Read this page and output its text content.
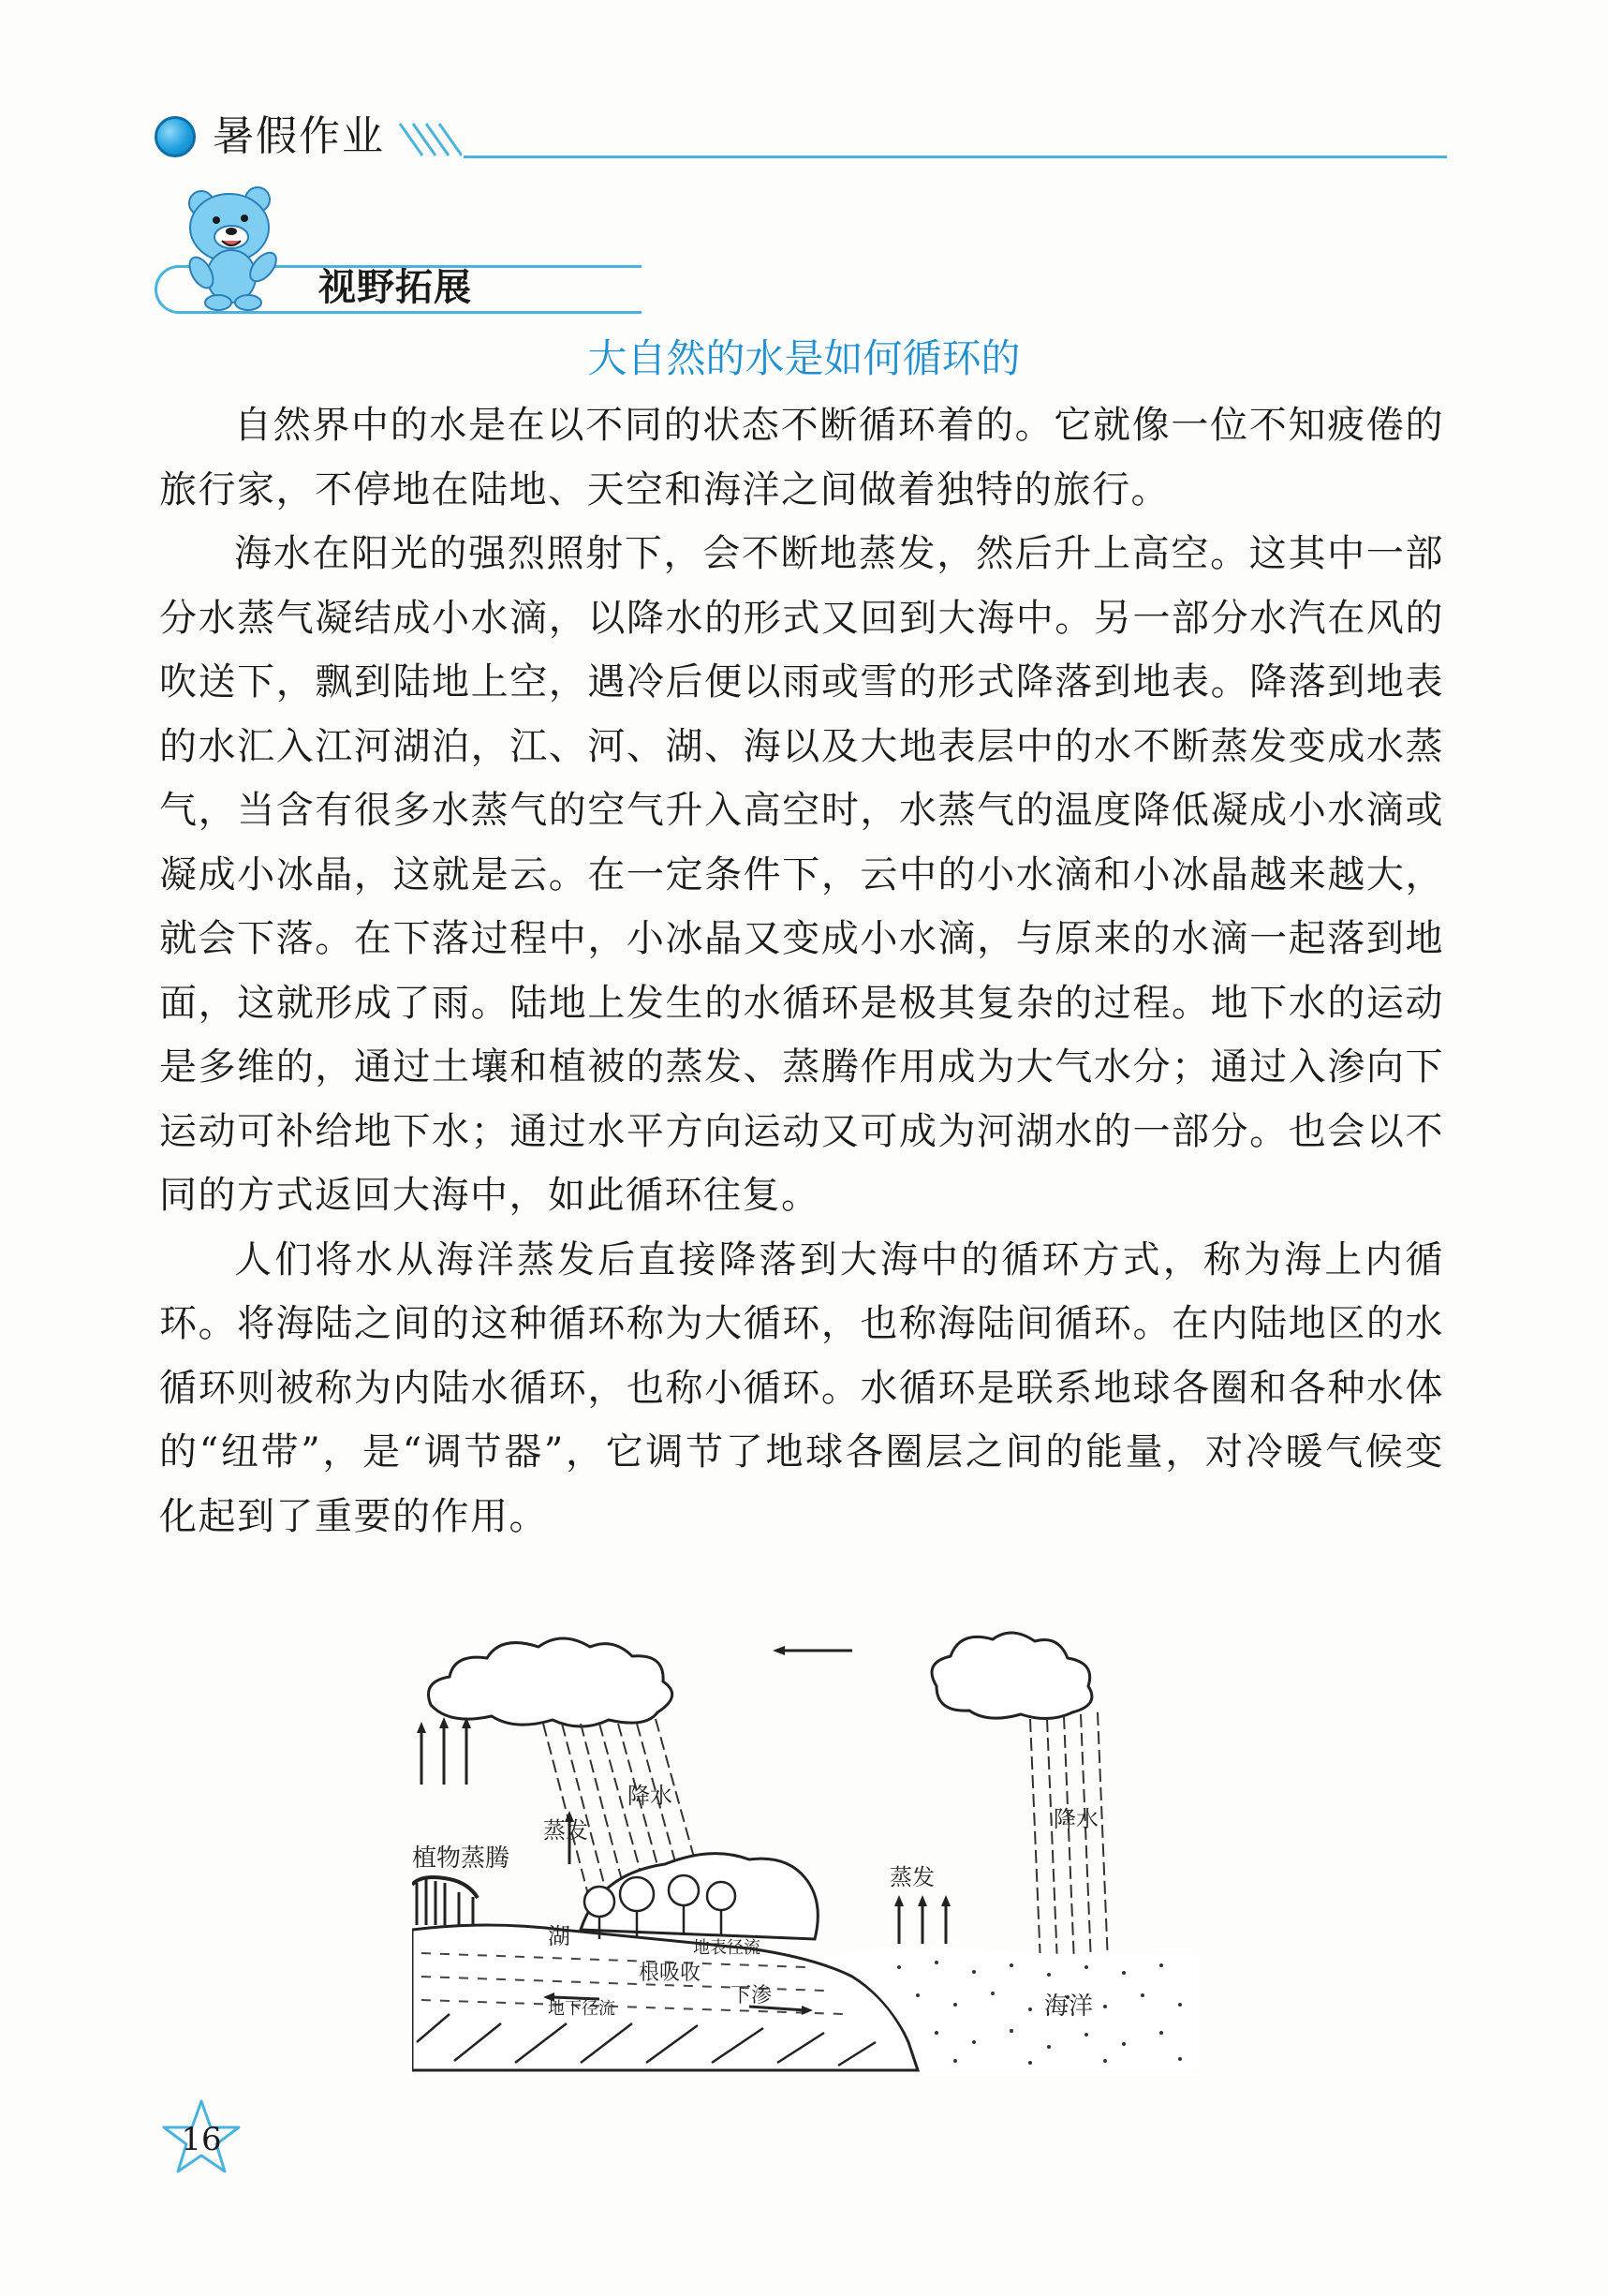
暑假作业
视野拓展
大自然的水是如何循环的

自然界中的水是在以不同的状态不断循环着的。它就像一位不知疲倦的旅行家，不停地在陆地、天空和海洋之间做着独特的旅行。

海水在阳光的强烈照射下，会不断地蒸发，然后升上高空。这其中一部分水蒸气凝结成小水滴，以降水的形式又回到大海中。另一部分水汽在风的吹送下，飘到陆地上空，遇冷后便以雨或雪的形式降落到地表。降落到地表的水汇入江河湖泊，江、河、湖、海以及大地表层中的水不断蒸发变成水蒸气，当含有很多水蒸气的空气升入高空时，水蒸气的温度降低凝成小水滴或凝成小冰晶，这就是云。在一定条件下，云中的小水滴和小冰晶越来越大，就会下落。在下落过程中，小冰晶又变成小水滴，与原来的水滴一起落到地面，这就形成了雨。陆地上发生的水循环是极其复杂的过程。地下水的运动是多维的，通过土壤和植被的蒸发、蒸腾作用成为大气水分；通过入渗向下运动可补给地下水；通过水平方向运动又可成为河湖水的一部分。也会以不同的方式返回大海中，如此循环往复。

人们将水从海洋蒸发后直接降落到大海中的循环方式，称为海上内循环。将海陆之间的这种循环称为大循环，也称海陆间循环。在内陆地区的水循环则被称为内陆水循环，也称小循环。水循环是联系地球各圈和各种水体的“纽带”，是“调节器”，它调节了地球各圈层之间的能量，对冷暖气候变化起到了重要的作用。

降水
蒸发
植物蒸腾
湖	地表径流
根吸收
下渗
地下径流
蒸发
降水
海洋
16
